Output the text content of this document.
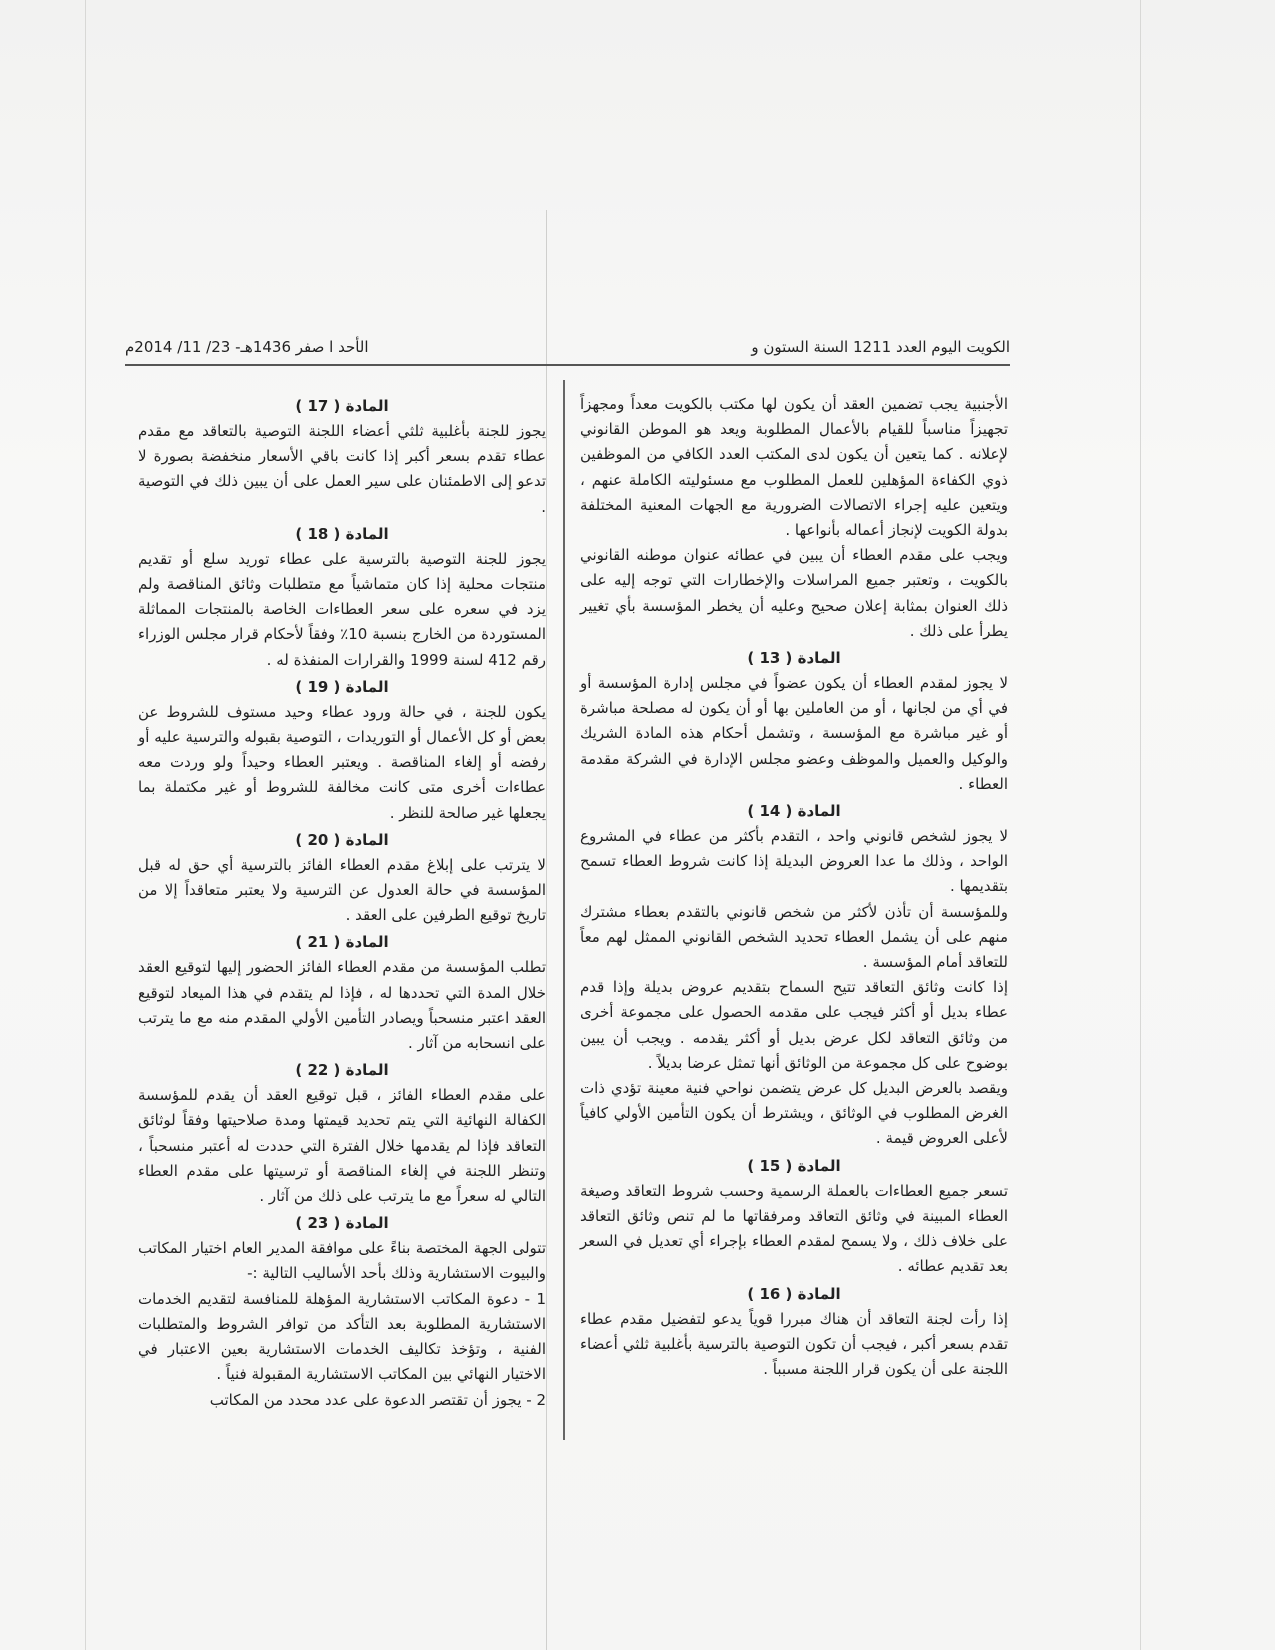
الكويت اليوم العدد 1211 السنة الستون و
الأحد ا صفر 1436هـ- 23/ 11/ 2014م

الأجنبية يجب تضمين العقد أن يكون لها مكتب بالكويت معداً ومجهزاً تجهيزاً مناسباً للقيام بالأعمال المطلوبة ويعد هو الموطن القانوني لإعلانه . كما يتعين أن يكون لدى المكتب العدد الكافي من الموظفين ذوي الكفاءة المؤهلين للعمل المطلوب مع مسئوليته الكاملة عنهم ، ويتعين عليه إجراء الاتصالات الضرورية مع الجهات المعنية المختلفة بدولة الكويت لإنجاز أعماله بأنواعها .

ويجب على مقدم العطاء أن يبين في عطائه عنوان موطنه القانوني بالكويت ، وتعتبر جميع المراسلات والإخطارات التي توجه إليه على ذلك العنوان بمثابة إعلان صحيح وعليه أن يخطر المؤسسة بأي تغيير يطرأ على ذلك .

المادة ( 13 )

لا يجوز لمقدم العطاء أن يكون عضواً في مجلس إدارة المؤسسة أو في أي من لجانها ، أو من العاملين بها أو أن يكون له مصلحة مباشرة أو غير مباشرة مع المؤسسة ، وتشمل أحكام هذه المادة الشريك والوكيل والعميل والموظف وعضو مجلس الإدارة في الشركة مقدمة العطاء .

المادة ( 14 )

لا يجوز لشخص قانوني واحد ، التقدم بأكثر من عطاء في المشروع الواحد ، وذلك ما عدا العروض البديلة إذا كانت شروط العطاء تسمح بتقديمها .

وللمؤسسة أن تأذن لأكثر من شخص قانوني بالتقدم بعطاء مشترك منهم على أن يشمل العطاء تحديد الشخص القانوني الممثل لهم معاً للتعاقد أمام المؤسسة .

إذا كانت وثائق التعاقد تتيح السماح بتقديم عروض بديلة وإذا قدم عطاء بديل أو أكثر فيجب على مقدمه الحصول على مجموعة أخرى من وثائق التعاقد لكل عرض بديل أو أكثر يقدمه . ويجب أن يبين بوضوح على كل مجموعة من الوثائق أنها تمثل عرضا بديلاً .

ويقصد بالعرض البديل كل عرض يتضمن نواحي فنية معينة تؤدي ذات الغرض المطلوب في الوثائق ، ويشترط أن يكون التأمين الأولي كافياً لأعلى العروض قيمة .

المادة ( 15 )

تسعر جميع العطاءات بالعملة الرسمية وحسب شروط التعاقد وصيغة العطاء المبينة في وثائق التعاقد ومرفقاتها ما لم تنص وثائق التعاقد على خلاف ذلك ، ولا يسمح لمقدم العطاء بإجراء أي تعديل في السعر بعد تقديم عطائه .

المادة ( 16 )

إذا رأت لجنة التعاقد أن هناك مبررا قوياً يدعو لتفضيل مقدم عطاء تقدم بسعر أكبر ، فيجب أن تكون التوصية بالترسية بأغلبية ثلثي أعضاء اللجنة على أن يكون قرار اللجنة مسبباً .

المادة ( 17 )

يجوز للجنة بأغلبية ثلثي أعضاء اللجنة التوصية بالتعاقد مع مقدم عطاء تقدم بسعر أكبر إذا كانت باقي الأسعار منخفضة بصورة لا تدعو إلى الاطمئنان على سير العمل على أن يبين ذلك في التوصية .

المادة ( 18 )

يجوز للجنة التوصية بالترسية على عطاء توريد سلع أو تقديم منتجات محلية إذا كان متماشياً مع متطلبات وثائق المناقصة ولم يزد في سعره على سعر العطاءات الخاصة بالمنتجات المماثلة المستوردة من الخارج بنسبة 10٪ وفقاً لأحكام قرار مجلس الوزراء رقم 412 لسنة 1999 والقرارات المنفذة له .

المادة ( 19 )

يكون للجنة ، في حالة ورود عطاء وحيد مستوف للشروط عن بعض أو كل الأعمال أو التوريدات ، التوصية بقبوله والترسية عليه أو رفضه أو إلغاء المناقصة . ويعتبر العطاء وحيداً ولو وردت معه عطاءات أخرى متى كانت مخالفة للشروط أو غير مكتملة بما يجعلها غير صالحة للنظر .

المادة ( 20 )

لا يترتب على إبلاغ مقدم العطاء الفائز بالترسية أي حق له قبل المؤسسة في حالة العدول عن الترسية ولا يعتبر متعاقداً إلا من تاريخ توقيع الطرفين على العقد .

المادة ( 21 )

تطلب المؤسسة من مقدم العطاء الفائز الحضور إليها لتوقيع العقد خلال المدة التي تحددها له ، فإذا لم يتقدم في هذا الميعاد لتوقيع العقد اعتبر منسحباً ويصادر التأمين الأولي المقدم منه مع ما يترتب على انسحابه من آثار .

المادة ( 22 )

على مقدم العطاء الفائز ، قبل توقيع العقد أن يقدم للمؤسسة الكفالة النهائية التي يتم تحديد قيمتها ومدة صلاحيتها وفقاً لوثائق التعاقد فإذا لم يقدمها خلال الفترة التي حددت له أعتبر منسحباً ، وتنظر اللجنة في إلغاء المناقصة أو ترسيتها على مقدم العطاء التالي له سعراً مع ما يترتب على ذلك من آثار .

المادة ( 23 )

تتولى الجهة المختصة بناءً على موافقة المدير العام اختيار المكاتب والبيوت الاستشارية وذلك بأحد الأساليب التالية :-

1 - دعوة المكاتب الاستشارية المؤهلة للمنافسة لتقديم الخدمات الاستشارية المطلوبة بعد التأكد من توافر الشروط والمتطلبات الفنية ، وتؤخذ تكاليف الخدمات الاستشارية بعين الاعتبار في الاختيار النهائي بين المكاتب الاستشارية المقبولة فنياً .

2 - يجوز أن تقتصر الدعوة على عدد محدد من المكاتب
